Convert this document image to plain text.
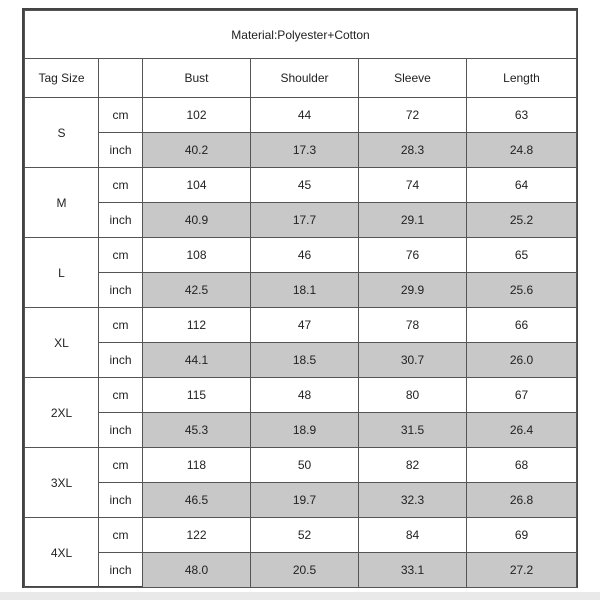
Material:Polyester+Cotton					
Tag Size		Bust	Shoulder	Sleeve	Length
S	cm	102	44	72	63
	inch	40.2	17.3	28.3	24.8
M	cm	104	45	74	64
	inch	40.9	17.7	29.1	25.2
L	cm	108	46	76	65
	inch	42.5	18.1	29.9	25.6
XL	cm	112	47	78	66
	inch	44.1	18.5	30.7	26.0
2XL	cm	115	48	80	67
	inch	45.3	18.9	31.5	26.4
3XL	cm	118	50	82	68
	inch	46.5	19.7	32.3	26.8
4XL	cm	122	52	84	69
	inch	48.0	20.5	33.1	27.2
